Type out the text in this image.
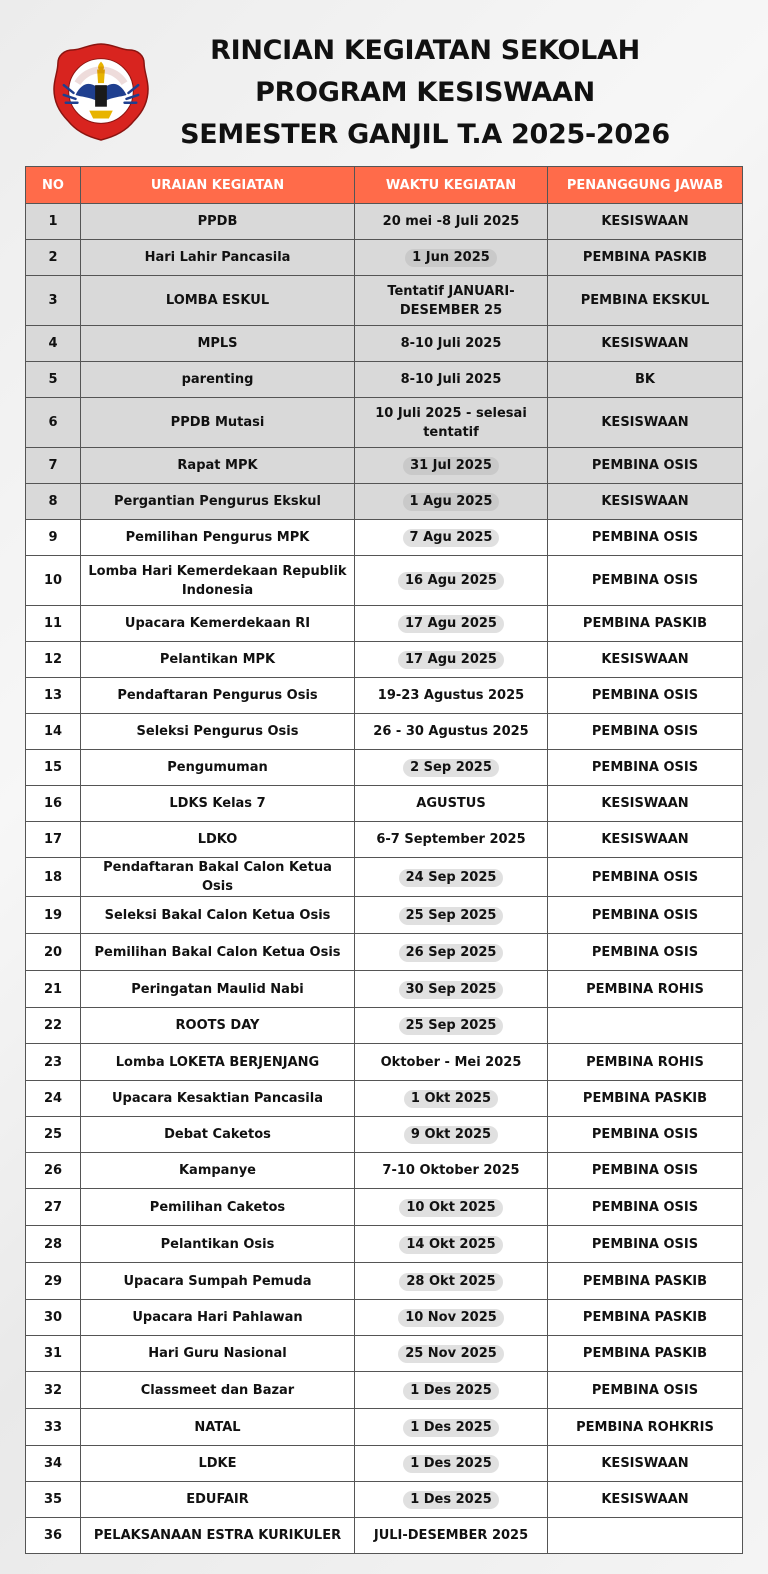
RINCIAN KEGIATAN SEKOLAH
PROGRAM KESISWAAN
SEMESTER GANJIL T.A 2025-2026
NO	URAIAN KEGIATAN	WAKTU KEGIATAN	PENANGGUNG JAWAB
1	PPDB	20 mei -8 Juli 2025	KESISWAAN
2	Hari Lahir Pancasila	1 Jun 2025	PEMBINA PASKIB
3	LOMBA ESKUL	Tentatif JANUARI-DESEMBER 25	PEMBINA EKSKUL
4	MPLS	8-10 Juli 2025	KESISWAAN
5	parenting	8-10 Juli 2025	BK
6	PPDB Mutasi	10 Juli 2025 - selesai tentatif	KESISWAAN
7	Rapat MPK	31 Jul 2025	PEMBINA OSIS
8	Pergantian Pengurus Ekskul	1 Agu 2025	KESISWAAN
9	Pemilihan Pengurus MPK	7 Agu 2025	PEMBINA OSIS
10	Lomba Hari Kemerdekaan Republik Indonesia	16 Agu 2025	PEMBINA OSIS
11	Upacara Kemerdekaan RI	17 Agu 2025	PEMBINA PASKIB
12	Pelantikan MPK	17 Agu 2025	KESISWAAN
13	Pendaftaran Pengurus Osis	19-23 Agustus 2025	PEMBINA OSIS
14	Seleksi Pengurus Osis	26 - 30 Agustus 2025	PEMBINA OSIS
15	Pengumuman	2 Sep 2025	PEMBINA OSIS
16	LDKS Kelas 7	AGUSTUS	KESISWAAN
17	LDKO	6-7 September 2025	KESISWAAN
18	Pendaftaran Bakal Calon Ketua Osis	24 Sep 2025	PEMBINA OSIS
19	Seleksi Bakal Calon Ketua Osis	25 Sep 2025	PEMBINA OSIS
20	Pemilihan Bakal Calon Ketua Osis	26 Sep 2025	PEMBINA OSIS
21	Peringatan Maulid Nabi	30 Sep 2025	PEMBINA ROHIS
22	ROOTS DAY	25 Sep 2025	
23	Lomba LOKETA BERJENJANG	Oktober - Mei 2025	PEMBINA ROHIS
24	Upacara Kesaktian Pancasila	1 Okt 2025	PEMBINA PASKIB
25	Debat Caketos	9 Okt 2025	PEMBINA OSIS
26	Kampanye	7-10 Oktober 2025	PEMBINA OSIS
27	Pemilihan Caketos	10 Okt 2025	PEMBINA OSIS
28	Pelantikan Osis	14 Okt 2025	PEMBINA OSIS
29	Upacara Sumpah Pemuda	28 Okt 2025	PEMBINA PASKIB
30	Upacara Hari Pahlawan	10 Nov 2025	PEMBINA PASKIB
31	Hari Guru Nasional	25 Nov 2025	PEMBINA PASKIB
32	Classmeet dan Bazar	1 Des 2025	PEMBINA OSIS
33	NATAL	1 Des 2025	PEMBINA ROHKRIS
34	LDKE	1 Des 2025	KESISWAAN
35	EDUFAIR	1 Des 2025	KESISWAAN
36	PELAKSANAAN ESTRA KURIKULER	JULI-DESEMBER 2025	
